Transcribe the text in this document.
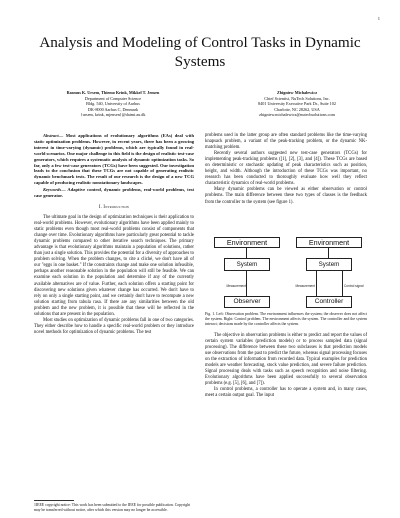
1
Analysis and Modeling of Control Tasks in Dynamic
Systems
Rasmus K. Ursem, Thiemo Krink, Mikkel T. Jensen
Department of Computer Science
Bldg. 540, University of Aarhus
DK-8000 Aarhus C, Denmark
{ursem, krink, mjensen}@daimi.au.dk
Zbigniew Michalewicz
Chief Scientist, NuTech Solutions, Inc.
8401 University Executive Park Dr., Suite 102
Charlotte, NC 28262, USA
zbigniew.michalewicz@nutechsolutions.com

Abstract— Most applications of evolutionary algorithms (EAs) deal with static optimization problems. However, in recent years, there has been a growing interest in time-varying (dynamic) problems, which are typically found in real-world scenarios. One major challenge in this field is the design of realistic test-case generators, which requires a systematic analysis of dynamic optimization tasks. So far, only a few test-case generators (TCGs) have been suggested. Our investigation leads to the conclusion that these TCGs are not capable of generating realistic dynamic benchmark tests. The result of our research is the design of a new TCG capable of producing realistic nonstationary landscapes.

Keywords— Adaptive control, dynamic problems, real-world problems, test case generator.

I. Introduction

The ultimate goal in the design of optimization techniques is their application to real-world problems. However, evolutionary algorithms have been applied mainly to static problems even though most real-world problems consist of components that change over time. Evolutionary algorithms have particularly great potential to tackle dynamic problems compared to other iterative search techniques. The primary advantage is that evolutionary algorithms maintain a population of solutions, rather than just a single solution. This provides the potential for a diversity of approaches to problem solving. When the problem changes, to cite a cliché, we don't have all of our "eggs in one basket." If the constraints change and make one solution infeasible, perhaps another reasonable solution in the population will still be feasible. We can examine each solution in the population and determine if any of the currently available alternatives are of value. Further, each solution offers a starting point for discovering new solutions given whatever change has occurred. We don't have to rely on only a single starting point, and we certainly don't have to recompute a new solution starting from tabula rasa. If there are any similarities between the old problem and the new problem, it is possible that these will be reflected in the solutions that are present in the population.

Most studies on optimization of dynamic problems fall in one of two categories. They either describe how to handle a specific real-world problem or they introduce novel methods for optimization of dynamic problems. The test

1IEEE copyright notice: This work has been submitted to the IEEE for possible publication. Copyright may be transferred without notice, after which this version may no longer be accessible.

problems used in the latter group are often standard problems like the time-varying knapsack problem, a variant of the peak-tracking problem, or the dynamic NK-matching problem.

Recently several authors suggested new test-case generators (TCGs) for implementing peak-tracking problems ([1], [2], [3], and [4]). These TCGs are based on deterministic or stochastic updating of peak characteristics such as position, height, and width. Although the introduction of these TCGs was important, no research has been conducted to thoroughly evaluate how well they reflect characteristic dynamics of real-world problems.

Many dynamic problems can be viewed as either observation or control problems. The main difference between these two types of classes is the feedback from the controller to the system (see figure 1).

Environment
System
Measurement
Observer
Environment
System
Measurement	Control signal
Controller
Fig. 1. Left: Observation problem. The environment influences the system; the observer does not affect the system. Right: Control problem. The environment affects the system. The controller and the system interact; decisions made by the controller affects the system.

The objective in observation problems is either to predict and report the values of certain system variables (prediction models) or to process sampled data (signal processing). The difference between these two subclasses is that prediction models use observations from the past to predict the future, whereas signal processing focuses on the extraction of information from recorded data. Typical examples for prediction models are weather forecasting, stock value prediction, and severe failure prediction. Signal processing deals with tasks such as speech recognition and noise filtering. Evolutionary algorithms have been applied successfully to several observation problems (e.g. [5], [6], and [7]).

In control problems, a controller has to operate a system and, in many cases, meet a certain output goal. The input
